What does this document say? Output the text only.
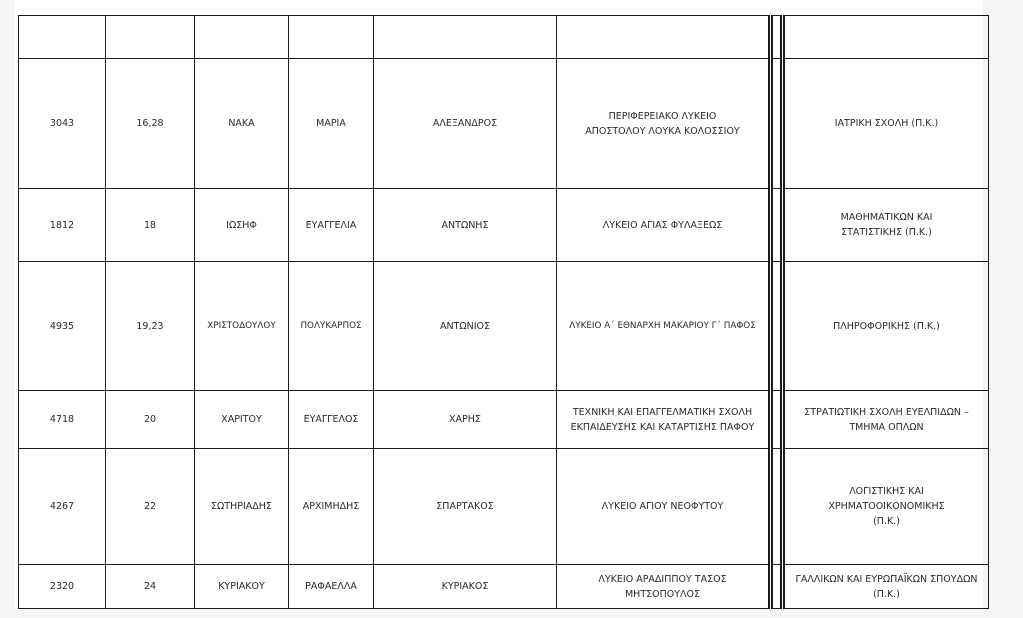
3043	16,28	ΝΑΚΑ	ΜΑΡΙΑ	ΑΛΕΞΑΝΔΡΟΣ	ΠΕΡΙΦΕΡΕΙΑΚΟ ΛΥΚΕΙΟ ΑΠΟΣΤΟΛΟΥ ΛΟΥΚΑ ΚΟΛΟΣΣΙΟΥ		ΙΑΤΡΙΚΗ ΣΧΟΛΗ (Π.Κ.)
1812	18	ΙΩΣΗΦ	ΕΥΑΓΓΕΛΙΑ	ΑΝΤΩΝΗΣ	ΛΥΚΕΙΟ ΑΓΙΑΣ ΦΥΛΑΞΕΩΣ		ΜΑΘΗΜΑΤΙΚΩΝ ΚΑΙ ΣΤΑΤΙΣΤΙΚΗΣ (Π.Κ.)
4935	19,23	ΧΡΙΣΤΟΔΟΥΛΟΥ	ΠΟΛΥΚΑΡΠΟΣ	ΑΝΤΩΝΙΟΣ	ΛΥΚΕΙΟ Α΄ ΕΘΝΑΡΧΗ ΜΑΚΑΡΙΟΥ Γ΄ ΠΑΦΟΣ		ΠΛΗΡΟΦΟΡΙΚΗΣ (Π.Κ.)
4718	20	ΧΑΡΙΤΟΥ	ΕΥΑΓΓΕΛΟΣ	ΧΑΡΗΣ	ΤΕΧΝΙΚΗ ΚΑΙ ΕΠΑΓΓΕΛΜΑΤΙΚΗ ΣΧΟΛΗ ΕΚΠΑΙΔΕΥΣΗΣ ΚΑΙ ΚΑΤΑΡΤΙΣΗΣ ΠΑΦΟΥ		ΣΤΡΑΤΙΩΤΙΚΗ ΣΧΟΛΗ ΕΥΕΛΠΙΔΩΝ – ΤΜΗΜΑ ΟΠΛΩΝ
4267	22	ΣΩΤΗΡΙΑΔΗΣ	ΑΡΧΙΜΗΔΗΣ	ΣΠΑΡΤΑΚΟΣ	ΛΥΚΕΙΟ ΑΓΙΟΥ ΝΕΟΦΥΤΟΥ		ΛΟΓΙΣΤΙΚΗΣ ΚΑΙ ΧΡΗΜΑΤΟΟΙΚΟΝΟΜΙΚΗΣ (Π.Κ.)
2320	24	ΚΥΡΙΑΚΟΥ	ΡΑΦΑΕΛΛΑ	ΚΥΡΙΑΚΟΣ	ΛΥΚΕΙΟ ΑΡΑΔΙΠΠΟΥ ΤΑΣΟΣ ΜΗΤΣΟΠΟΥΛΟΣ		ΓΑΛΛΙΚΩΝ ΚΑΙ ΕΥΡΩΠΑΪΚΩΝ ΣΠΟΥΔΩΝ (Π.Κ.)
